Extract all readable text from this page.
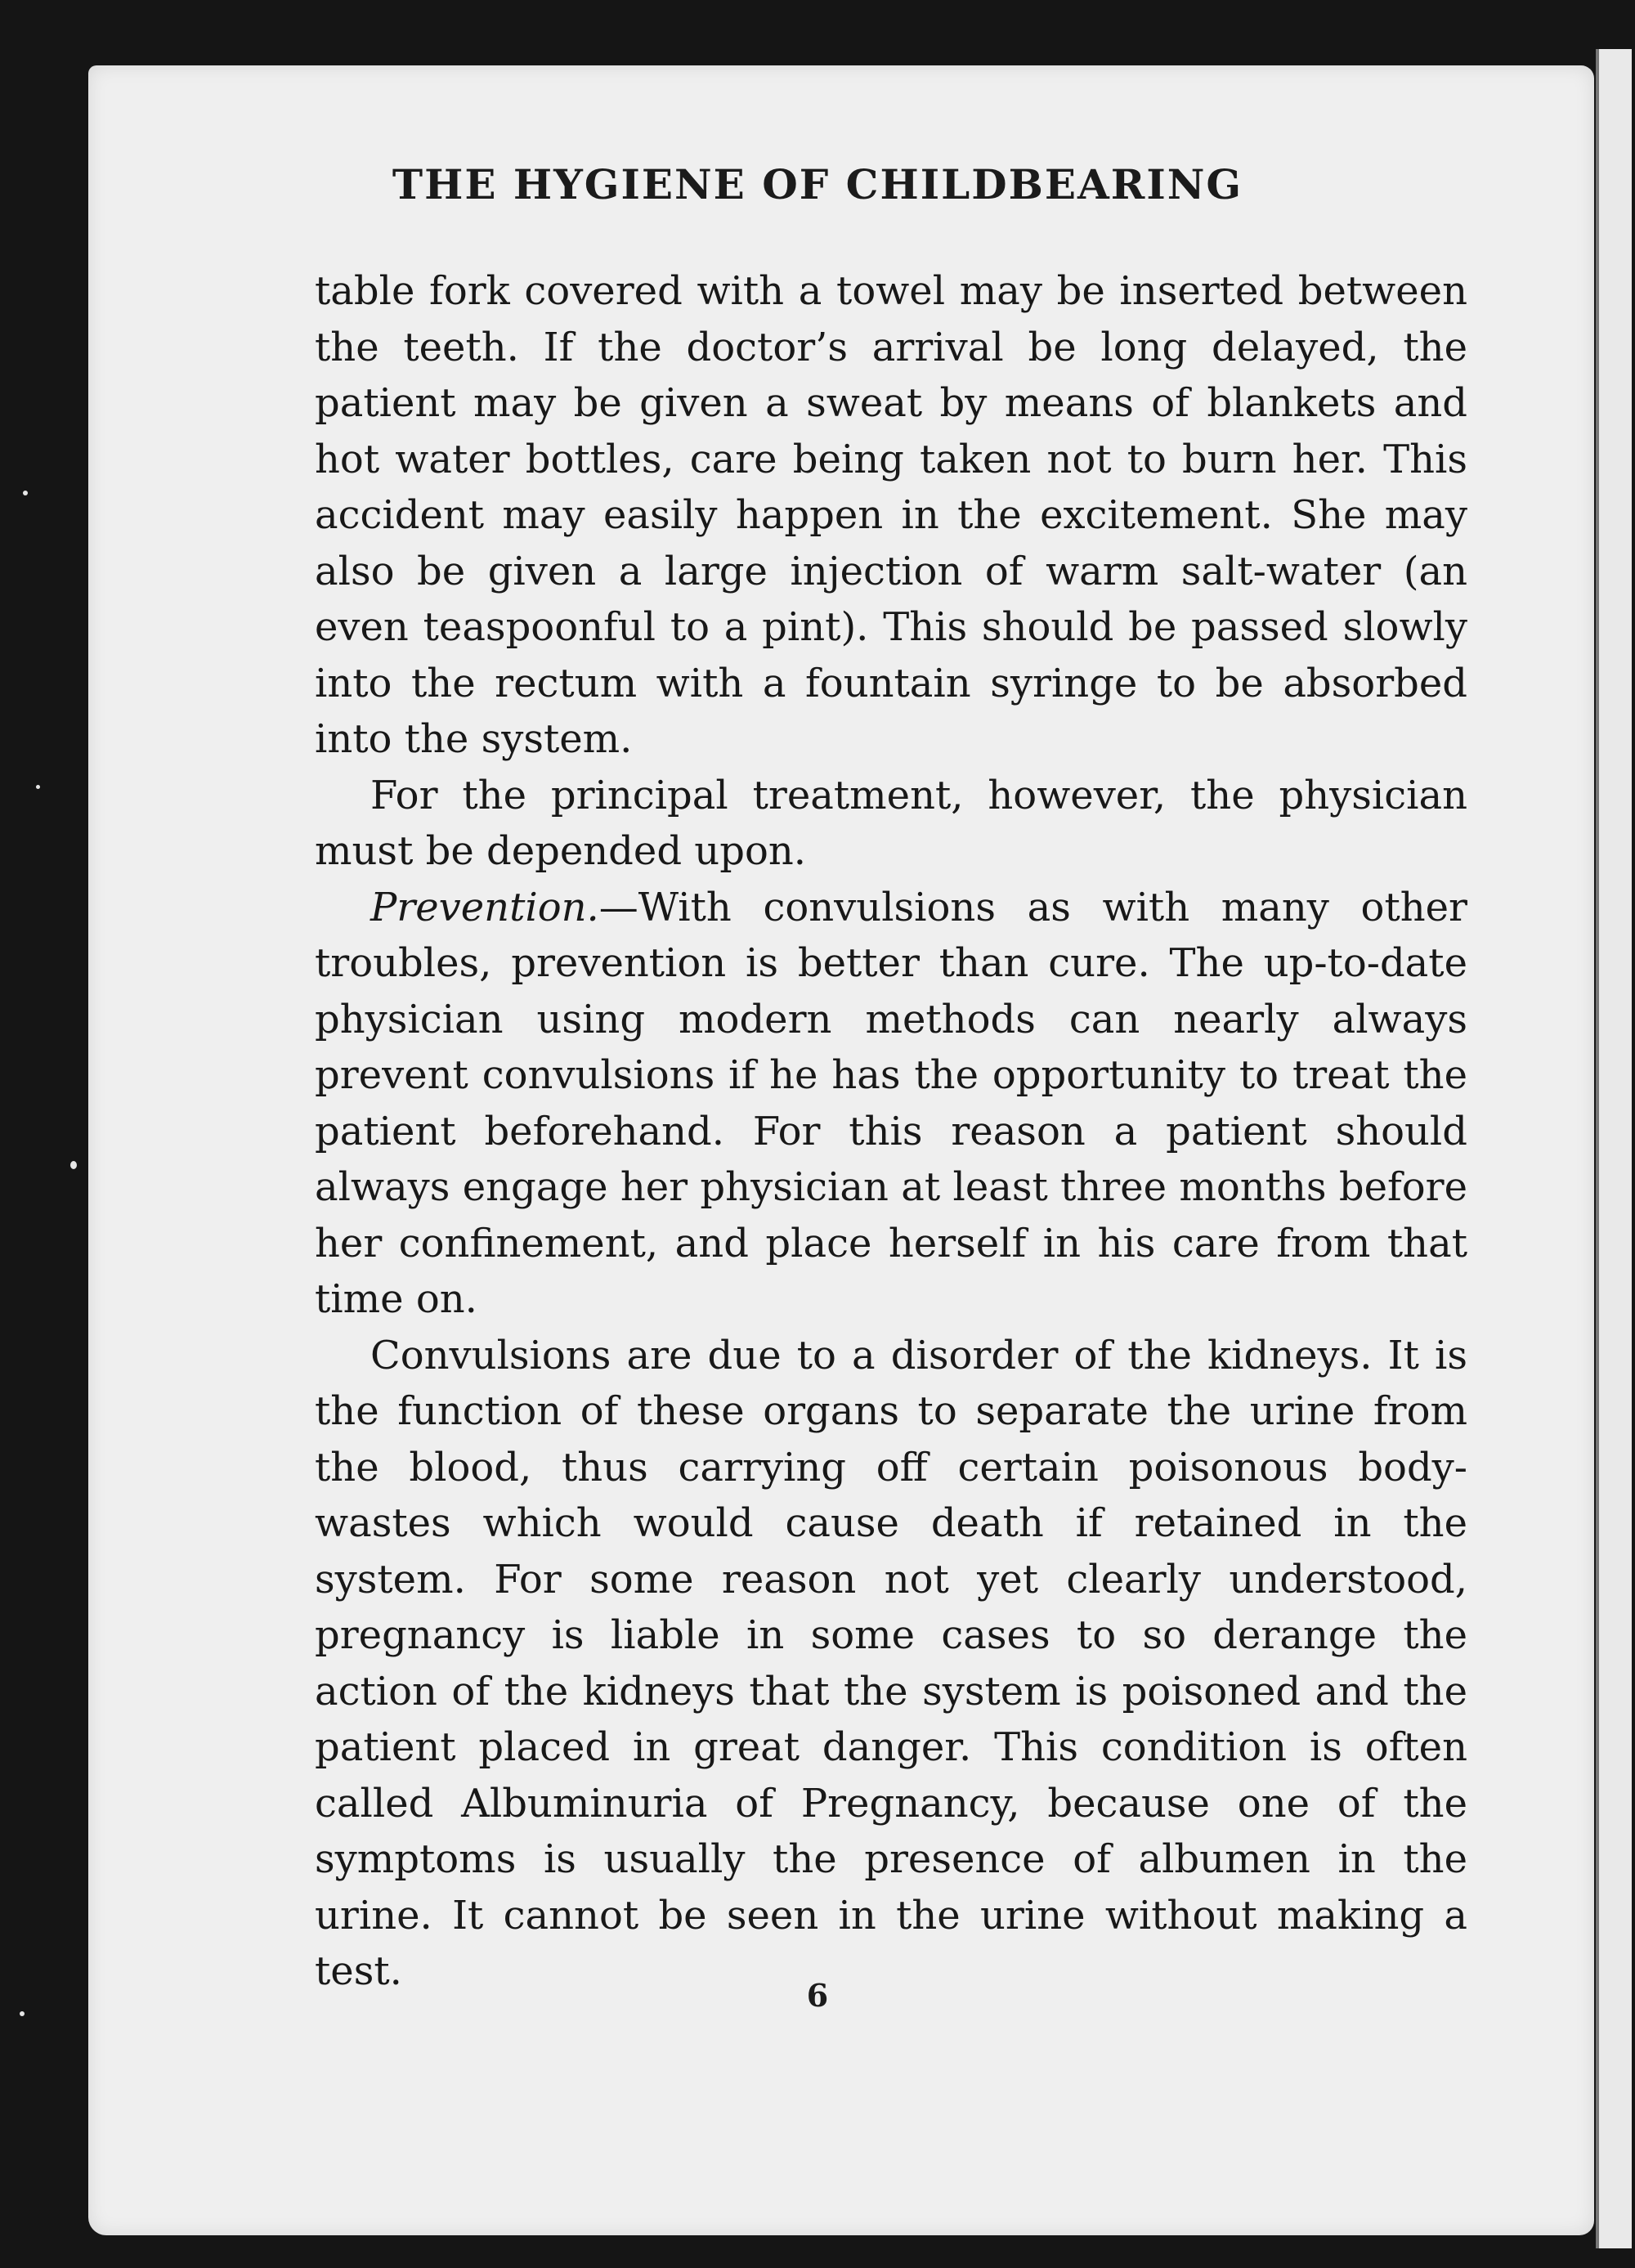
THE HYGIENE OF CHILDBEARING

table fork covered with a towel may be inserted between the teeth. If the doctor’s arrival be long delayed, the patient may be given a sweat by means of blankets and hot water bottles, care being taken not to burn her. This accident may easily happen in the excitement. She may also be given a large injection of warm salt-water (an even teaspoonful to a pint). This should be passed slowly into the rectum with a fountain syringe to be absorbed into the system.

For the principal treatment, however, the physician must be depended upon.

Prevention.—With convulsions as with many other troubles, prevention is better than cure. The up-to-date physician using modern methods can nearly always prevent convulsions if he has the opportunity to treat the patient beforehand. For this reason a patient should always engage her physician at least three months before her confinement, and place herself in his care from that time on.

Convulsions are due to a disorder of the kidneys. It is the function of these organs to separate the urine from the blood, thus carrying off certain poisonous body-wastes which would cause death if retained in the system. For some reason not yet clearly understood, pregnancy is liable in some cases to so derange the action of the kidneys that the system is poisoned and the patient placed in great danger. This condition is often called Albuminuria of Pregnancy, because one of the symptoms is usually the presence of albumen in the urine. It cannot be seen in the urine without making a test.

6
